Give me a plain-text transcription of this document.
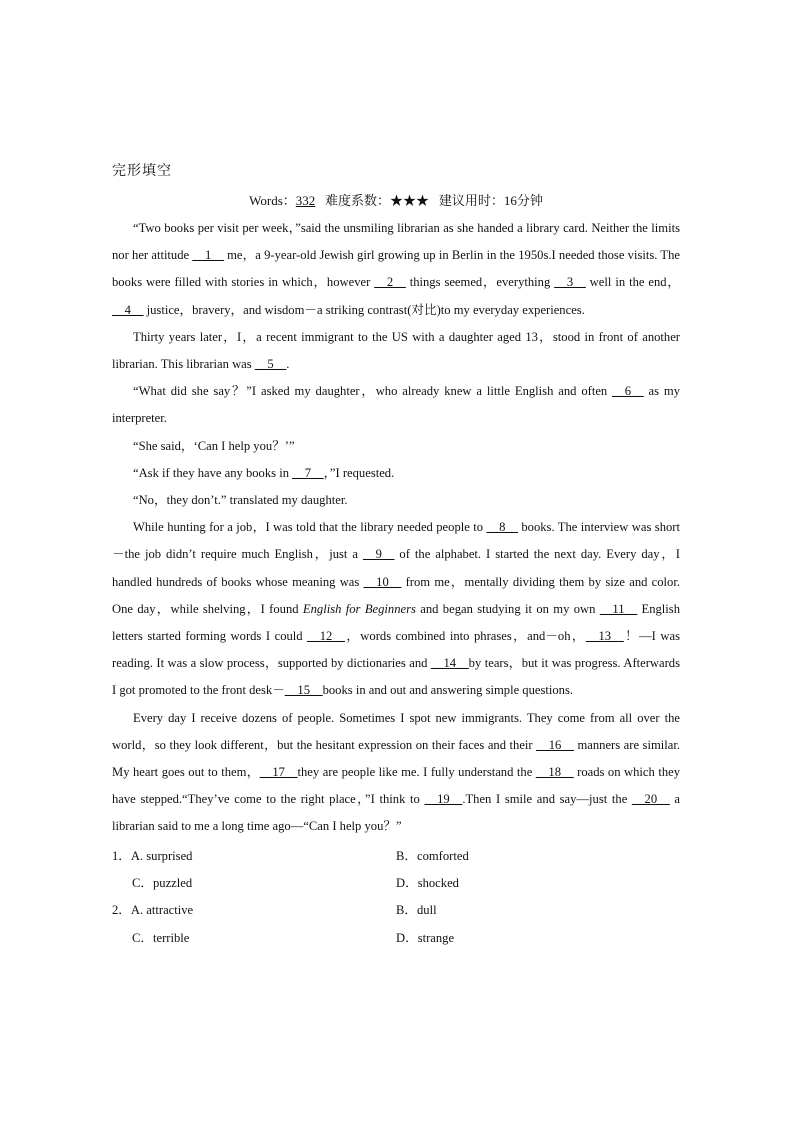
完形填空
Words：332 难度系数：★★★ 建议用时：16分钟

“Two books per visit per week，”said the unsmiling librarian as she handed a library card. Neither the limits nor her attitude __1__ me，a 9-year-old Jewish girl growing up in Berlin in the 1950s.I needed those visits. The books were filled with stories in which，however __2__ things seemed，everything __3__ well in the end，__4__ justice，bravery，and wisdom－a striking contrast(对比)to my everyday experiences.

Thirty years later，I，a recent immigrant to the US with a daughter aged 13，stood in front of another librarian. This librarian was __5__.

“What did she say？”I asked my daughter，who already knew a little English and often __6__ as my interpreter.

“She said，‘Can I help you？’”

“Ask if they have any books in __7__，”I requested.

“No，they don’t.” translated my daughter.

While hunting for a job，I was told that the library needed people to __8__ books. The interview was short－the job didn’t require much English，just a __9__ of the alphabet. I started the next day. Every day，I handled hundreds of books whose meaning was __10__ from me，mentally dividing them by size and color. One day，while shelving，I found English for Beginners and began studying it on my own __11__ English letters started forming words I could __12__，words combined into phrases，and－oh，__13__！—I was reading. It was a slow process，supported by dictionaries and __14__by tears，but it was progress. Afterwards I got promoted to the front desk－__15__books in and out and answering simple questions.

Every day I receive dozens of people. Sometimes I spot new immigrants. They come from all over the world，so they look different，but the hesitant expression on their faces and their __16__ manners are similar. My heart goes out to them，__17__they are people like me. I fully understand the __18__ roads on which they have stepped.“They’ve come to the right place，”I think to __19__.Then I smile and say—just the __20__ a librarian said to me a long time ago—“Can I help you？”

1．A. surprised	B．comforted
C．puzzled	D．shocked
2．A. attractive	B．dull
C．terrible	D．strange
